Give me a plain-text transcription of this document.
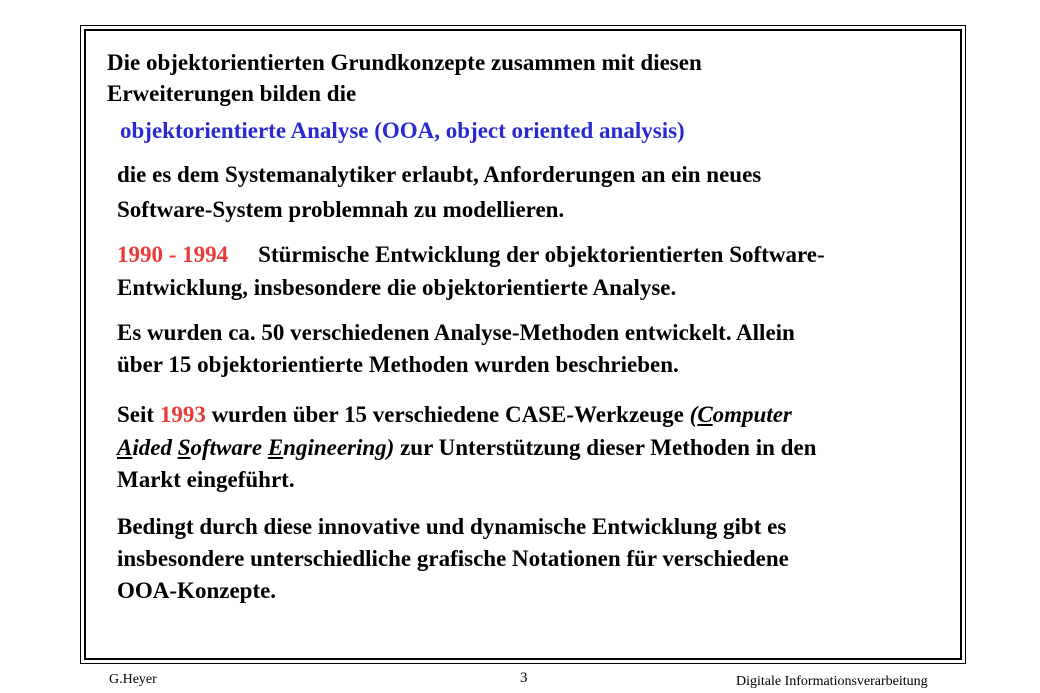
Die objektorientierten Grundkonzepte zusammen mit diesen
Erweiterungen bilden die
objektorientierte Analyse (OOA, object oriented analysis)
die es dem Systemanalytiker erlaubt, Anforderungen an ein neues
Software-System problemnah zu modellieren.
1990 - 1994 Stürmische Entwicklung der objektorientierten Software-
Entwicklung, insbesondere die objektorientierte Analyse.
Es wurden ca. 50 verschiedenen Analyse-Methoden entwickelt. Allein
über 15 objektorientierte Methoden wurden beschrieben.
Seit 1993 wurden über 15 verschiedene CASE-Werkzeuge (Computer
Aided Software Engineering) zur Unterstützung dieser Methoden in den
Markt eingeführt.
Bedingt durch diese innovative und dynamische Entwicklung gibt es
insbesondere unterschiedliche grafische Notationen für verschiedene
OOA-Konzepte.
G.Heyer	3	Digitale Informationsverarbeitung
